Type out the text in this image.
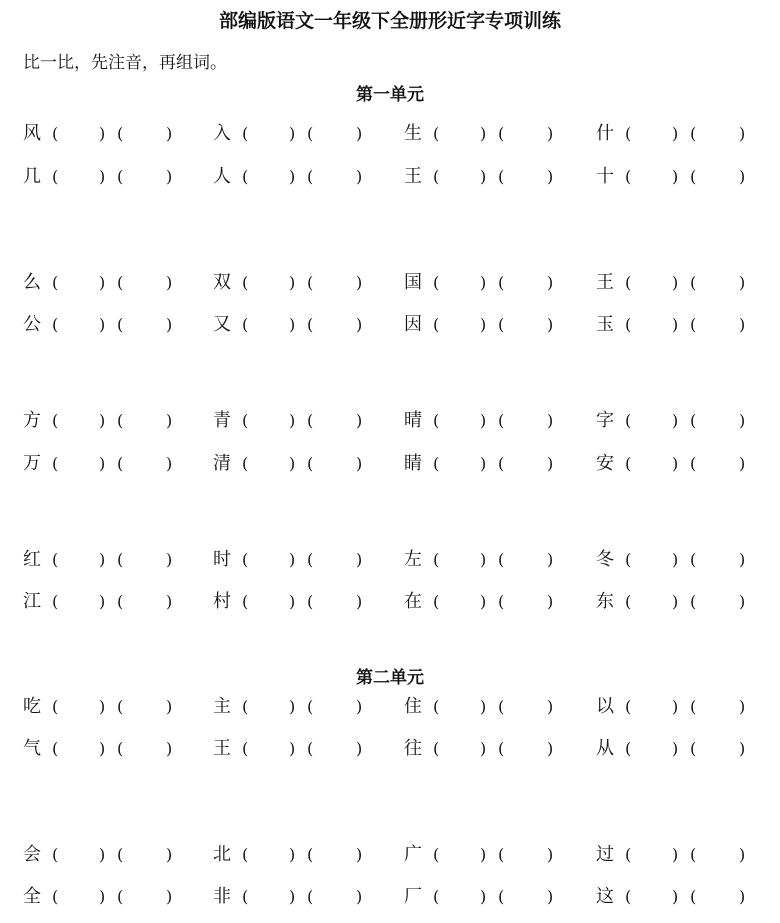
部编版语文一年级下全册形近字专项训练
比一比，先注音，再组词。
第一单元
风 (	) (	) 入 (	) (	) 生 (	) (	) 什 (	) (	)
几 (	) (	) 人 (	) (	) 王 (	) (	) 十 (	) (	)
么 (	) (	) 双 (	) (	) 国 (	) (	) 王 (	) (	)
公 (	) (	) 又 (	) (	) 因 (	) (	) 玉 (	) (	)
方 (	) (	) 青 (	) (	) 晴 (	) (	) 字 (	) (	)
万 (	) (	) 清 (	) (	) 睛 (	) (	) 安 (	) (	)
红 (	) (	) 时 (	) (	) 左 (	) (	) 冬 (	) (	)
江 (	) (	) 村 (	) (	) 在 (	) (	) 东 (	) (	)
第二单元
吃 (	) (	) 主 (	) (	) 住 (	) (	) 以 (	) (	)
气 (	) (	) 王 (	) (	) 往 (	) (	) 从 (	) (	)
会 (	) (	) 北 (	) (	) 广 (	) (	) 过 (	) (	)
全 (	) (	) 非 (	) (	) 厂 (	) (	) 这 (	) (	)
